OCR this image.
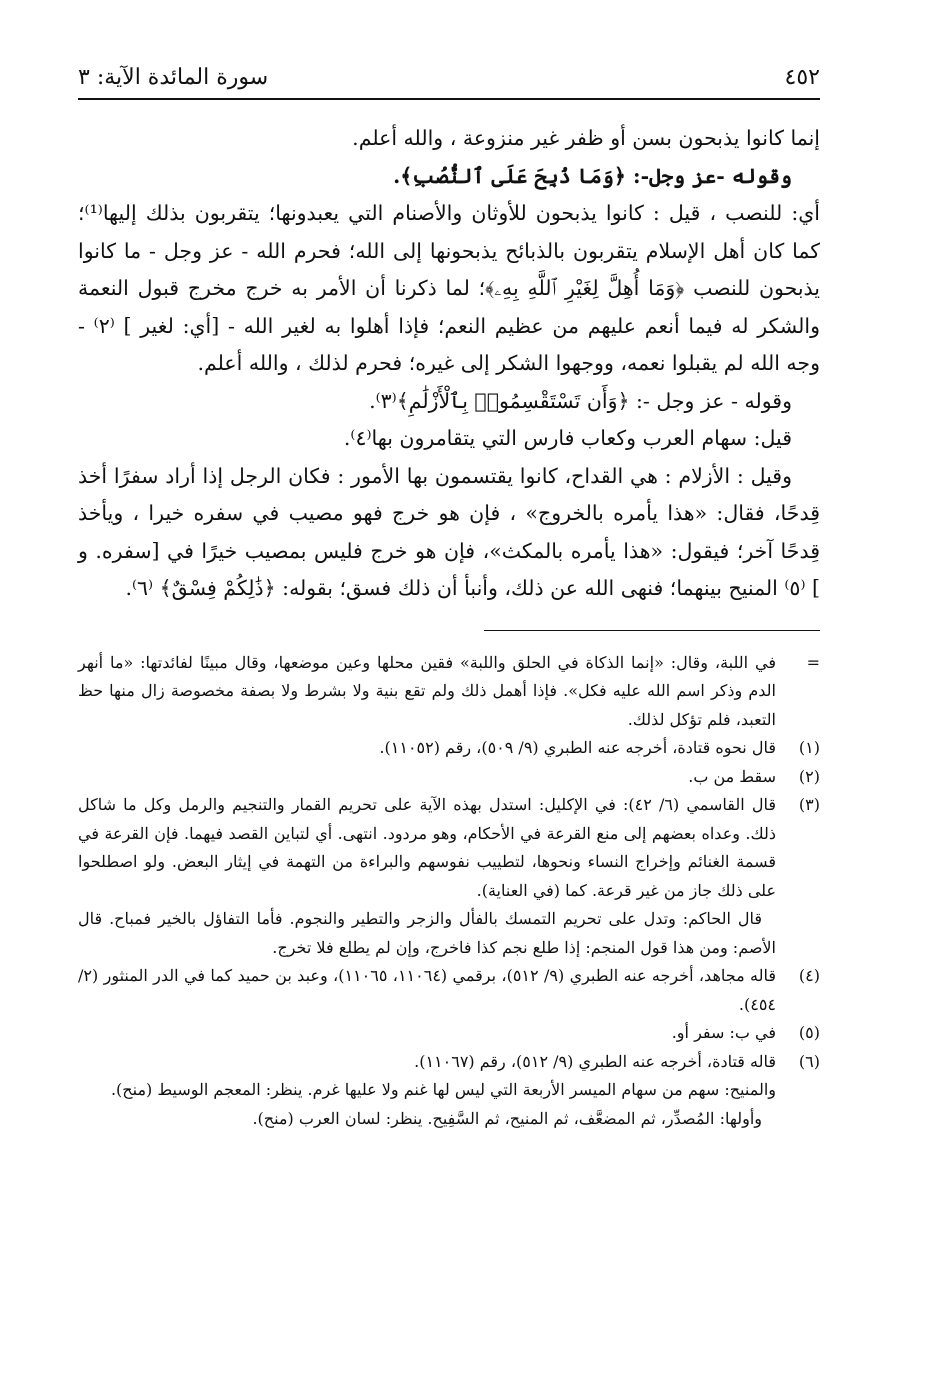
٤٥٢
سورة المائدة الآية: ٣

إنما كانوا يذبحون بسن أو ظفر غير منزوعة ، والله أعلم.

وقوله -عز وجل-: ﴿وَمَا ذُبِحَ عَلَى ٱلنُّصُبِ﴾.

أي: للنصب ، قيل : كانوا يذبحون للأوثان والأصنام التي يعبدونها؛ يتقربون بذلك إليها⁽¹⁾؛ كما كان أهل الإسلام يتقربون بالذبائح يذبحونها إلى الله؛ فحرم الله - عز وجل - ما كانوا يذبحون للنصب ﴿وَمَا أُهِلَّ لِغَيْرِ ٱللَّهِ بِهِۦ﴾؛ لما ذكرنا أن الأمر به خرج مخرج قبول النعمة والشكر له فيما أنعم عليهم من عظيم النعم؛ فإذا أهلوا به لغير الله - [أي: لغير ] ⁽٢⁾ - وجه الله لم يقبلوا نعمه، ووجهوا الشكر إلى غيره؛ فحرم لذلك ، والله أعلم.

وقوله - عز وجل -: ﴿وَأَن تَسْتَقْسِمُوا۟ بِٱلْأَزْلَٰمِ﴾⁽٣⁾.

قيل: سهام العرب وكعاب فارس التي يتقامرون بها⁽٤⁾.

وقيل : الأزلام : هي القداح، كانوا يقتسمون بها الأمور : فكان الرجل إذا أراد سفرًا أخذ قِدحًا، فقال: «هذا يأمره بالخروج» ، فإن هو خرج فهو مصيب في سفره خيرا ، ويأخذ قِدحًا آخر؛ فيقول: «هذا يأمره بالمكث»، فإن هو خرج فليس بمصيب خيرًا في [سفره. و ] ⁽٥⁾ المنيح بينهما؛ فنهى الله عن ذلك، وأنبأ أن ذلك فسق؛ بقوله: ﴿ذَٰلِكُمْ فِسْقٌ﴾ ⁽٦⁾.

=
في اللبة، وقال: «إنما الذكاة في الحلق واللبة» فقين محلها وعين موضعها، وقال مبينًا لفائدتها: «ما أنهر الدم وذكر اسم الله عليه فكل». فإذا أهمل ذلك ولم تقع بنية ولا بشرط ولا بصفة مخصوصة زال منها حظ التعبد، فلم تؤكل لذلك.
(١)
قال نحوه قتادة، أخرجه عنه الطبري (٩/ ٥٠٩)، رقم (١١٠٥٢).
(٢)
سقط من ب.
(٣)
قال القاسمي (٦/ ٤٢): في الإكليل: استدل بهذه الآية على تحريم القمار والتنجيم والرمل وكل ما شاكل ذلك. وعداه بعضهم إلى منع القرعة في الأحكام، وهو مردود. انتهى. أي لتباين القصد فيهما. فإن القرعة في قسمة الغنائم وإخراج النساء ونحوها، لتطييب نفوسهم والبراءة من التهمة في إيثار البعض. ولو اصطلحوا على ذلك جاز من غير قرعة. كما (في العناية).
قال الحاكم: وتدل على تحريم التمسك بالفأل والزجر والتطير والنجوم. فأما التفاؤل بالخير فمباح. قال الأصم: ومن هذا قول المنجم: إذا طلع نجم كذا فاخرج، وإن لم يطلع فلا تخرج.
(٤)
قاله مجاهد، أخرجه عنه الطبري (٩/ ٥١٢)، برقمي (١١٠٦٤، ١١٠٦٥)، وعبد بن حميد كما في الدر المنثور (٢/ ٤٥٤).
(٥)
في ب: سفر أو.
(٦)
قاله قتادة، أخرجه عنه الطبري (٩/ ٥١٢)، رقم (١١٠٦٧).
والمنيح: سهم من سهام الميسر الأربعة التي ليس لها غنم ولا عليها غرم. ينظر: المعجم الوسيط (منح).
وأولها: المُصدِّر، ثم المضعَّف، ثم المنيح، ثم السَّفِيح. ينظر: لسان العرب (منح).
